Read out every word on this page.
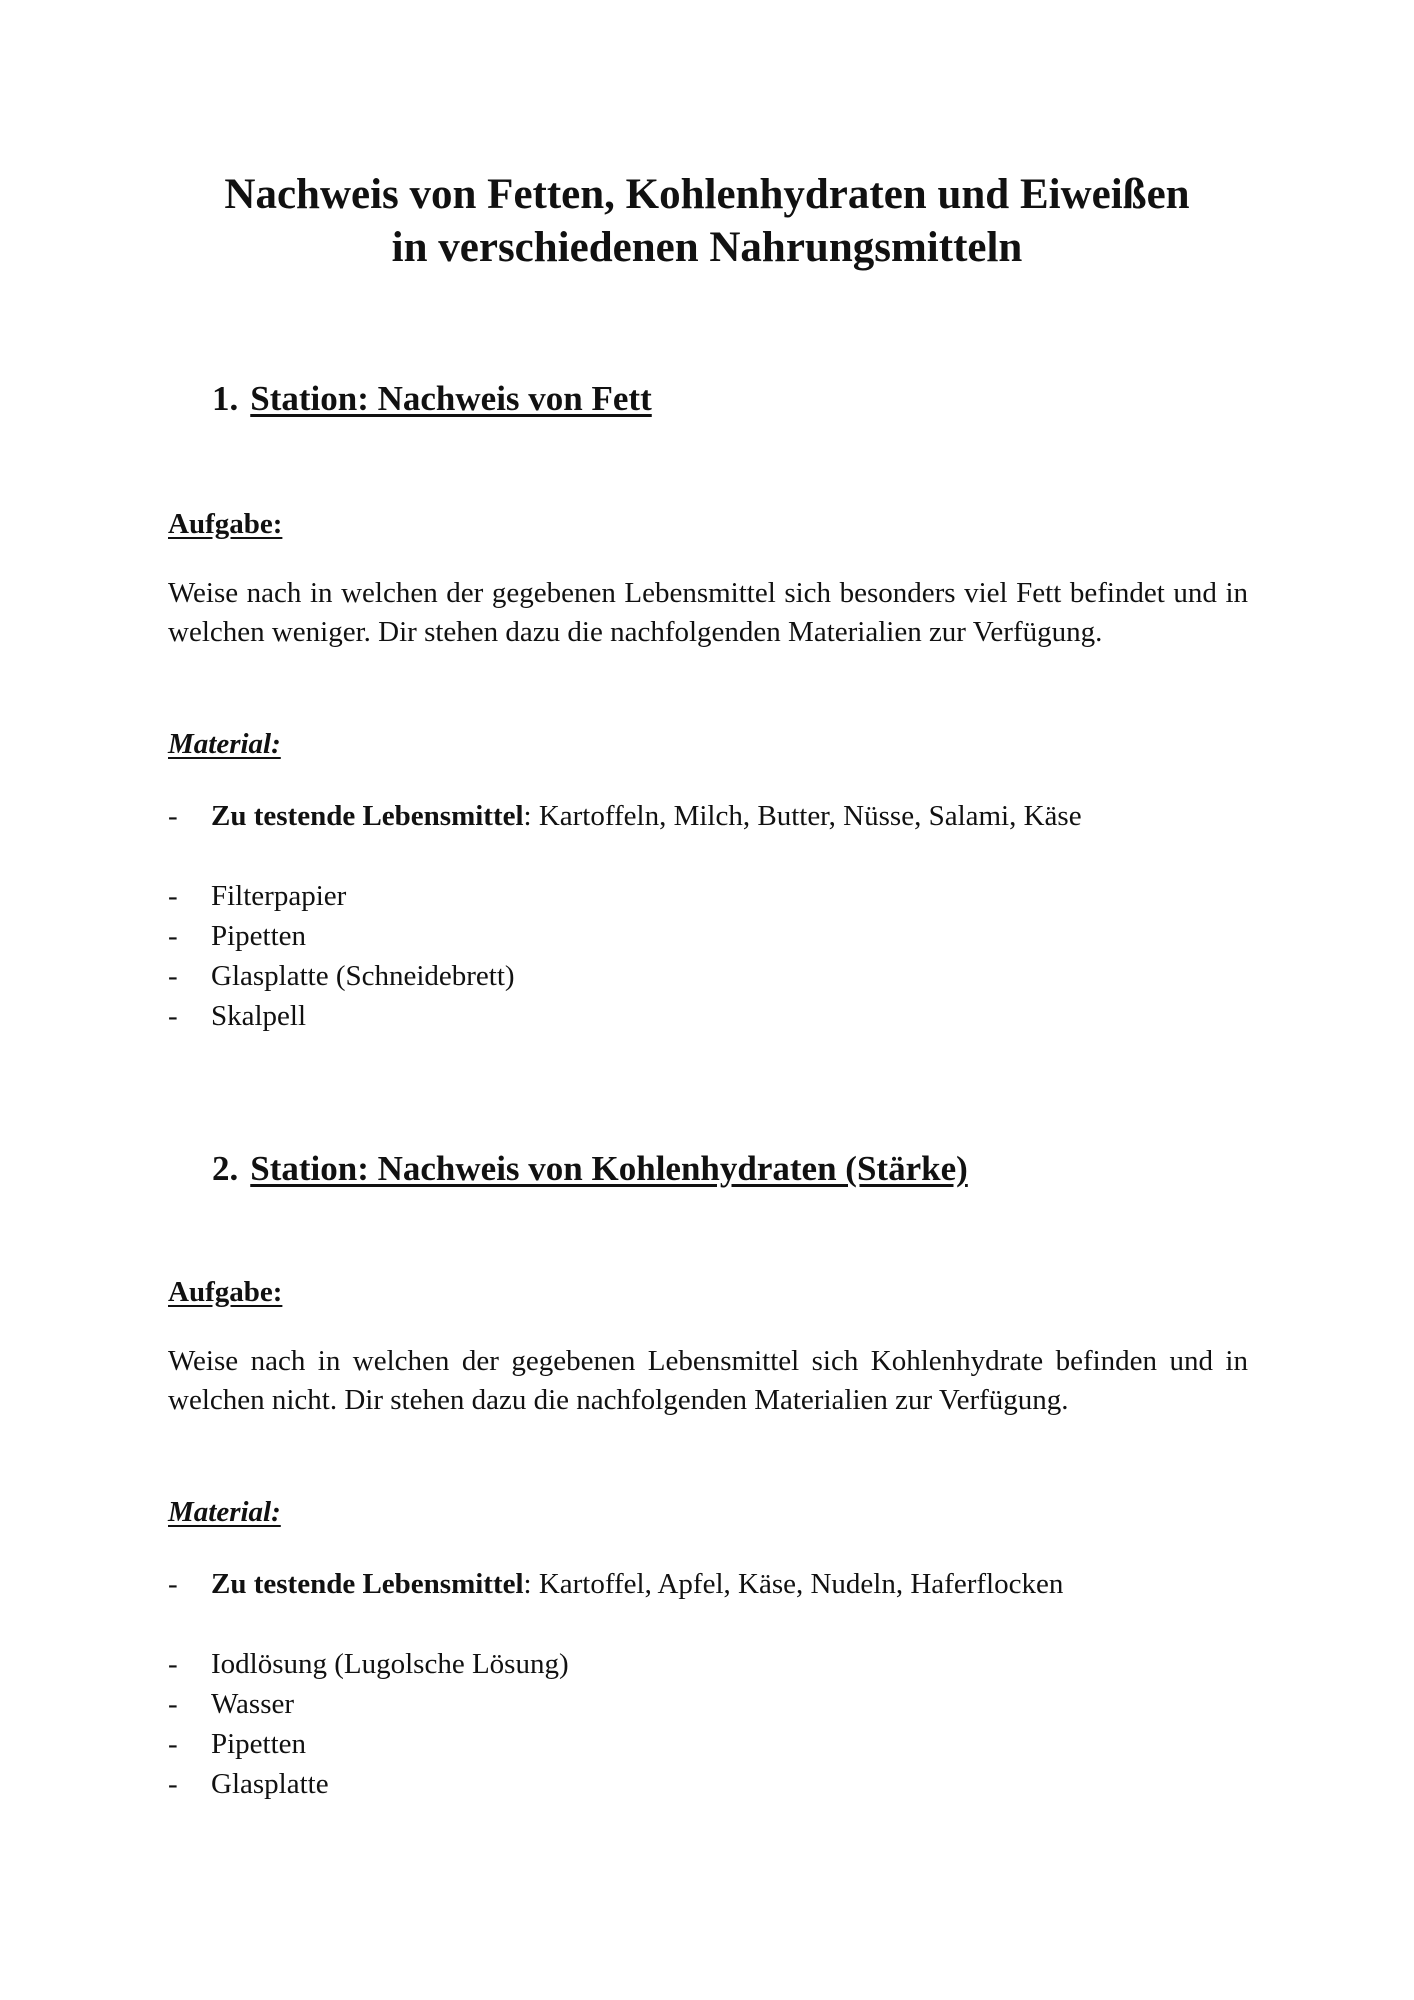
Nachweis von Fetten, Kohlenhydraten und Eiweißen
in verschiedenen Nahrungsmitteln
1. Station: Nachweis von Fett
Aufgabe:
Weise nach in welchen der gegebenen Lebensmittel sich besonders viel Fett befindet und in welchen weniger. Dir stehen dazu die nachfolgenden Materialien zur Verfügung.
Material:
- Zu testende Lebensmittel: Kartoffeln, Milch, Butter, Nüsse, Salami, Käse
- Filterpapier
- Pipetten
- Glasplatte (Schneidebrett)
- Skalpell
2. Station: Nachweis von Kohlenhydraten (Stärke)
Aufgabe:
Weise nach in welchen der gegebenen Lebensmittel sich Kohlenhydrate befinden und in welchen nicht. Dir stehen dazu die nachfolgenden Materialien zur Verfügung.
Material:
- Zu testende Lebensmittel: Kartoffel, Apfel, Käse, Nudeln, Haferflocken
- Iodlösung (Lugolsche Lösung)
- Wasser
- Pipetten
- Glasplatte
